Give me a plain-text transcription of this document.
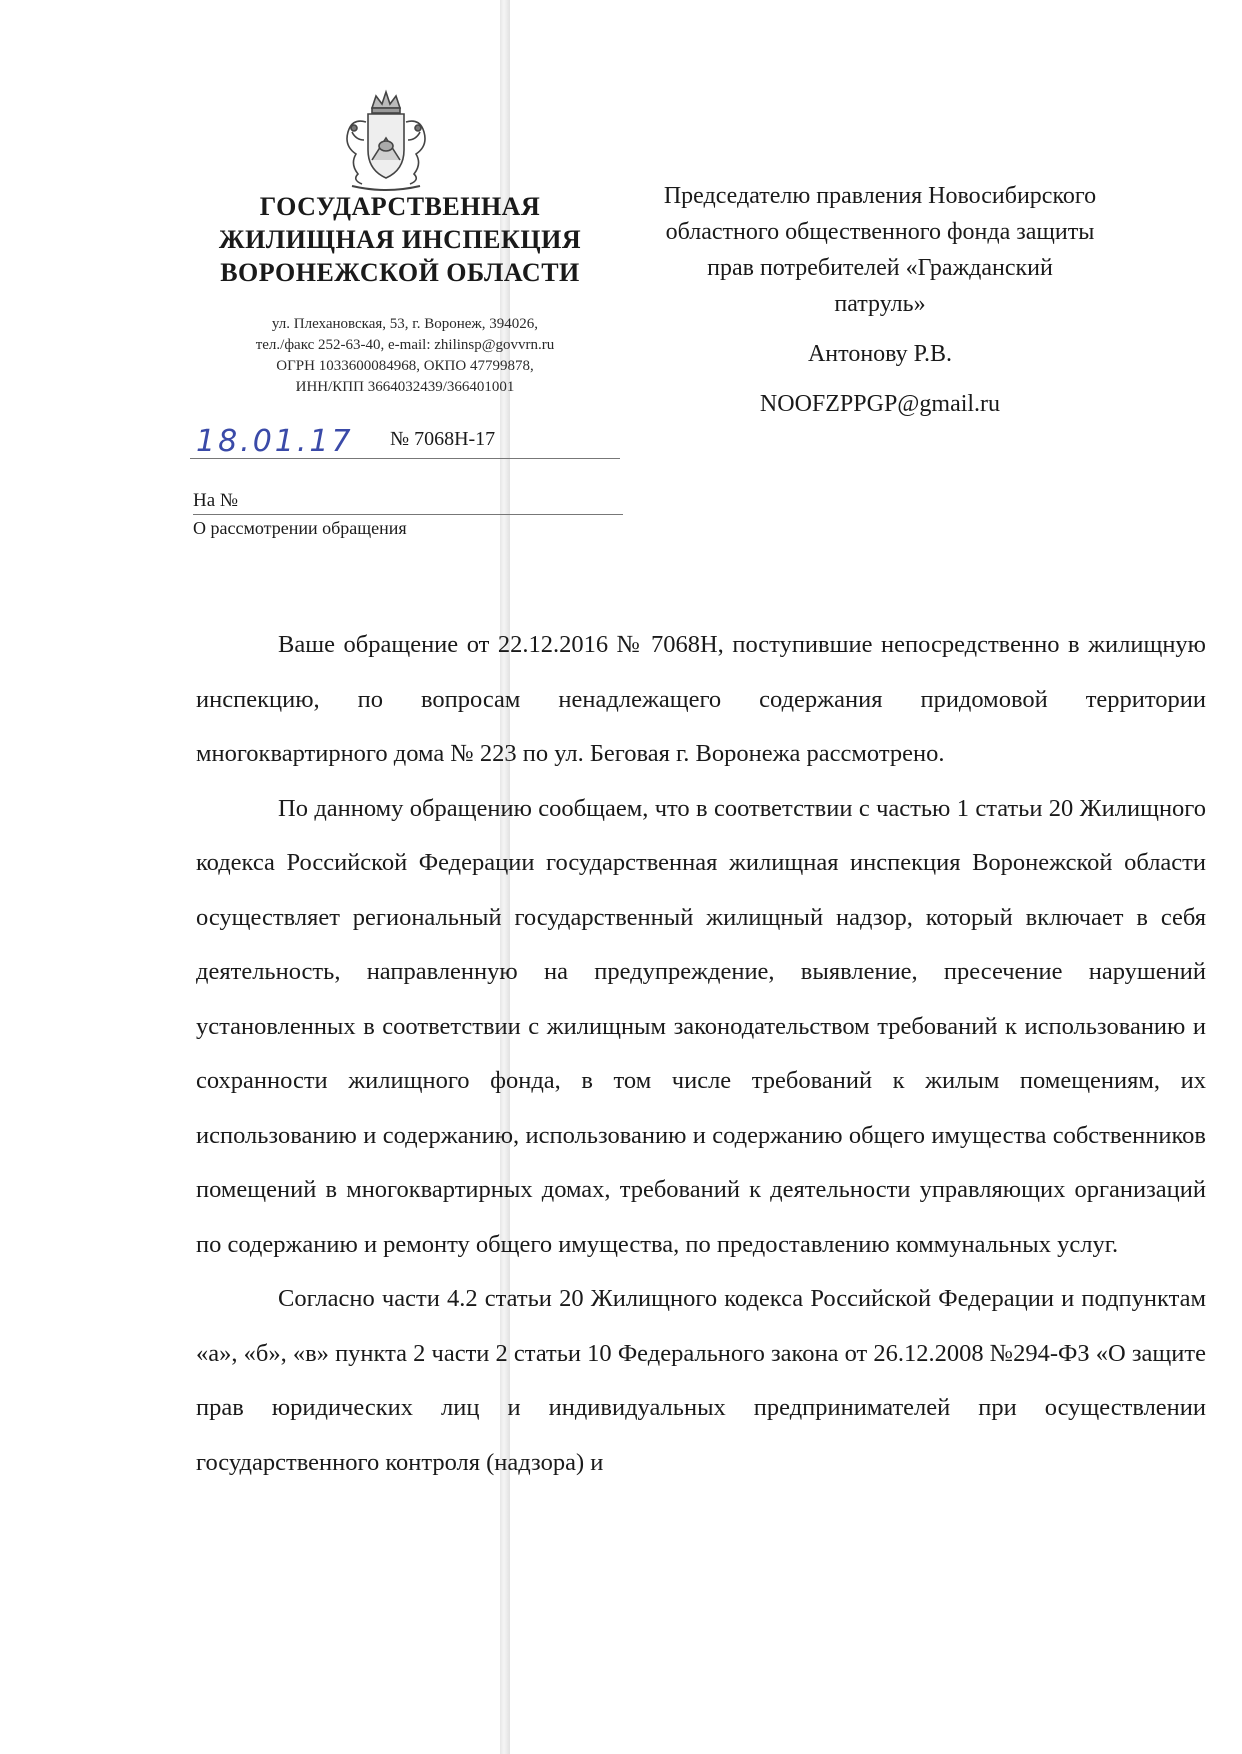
ГОСУДАРСТВЕННАЯ
ЖИЛИЩНАЯ ИНСПЕКЦИЯ
ВОРОНЕЖСКОЙ ОБЛАСТИ
ул. Плехановская, 53, г. Воронеж, 394026,
тел./факс 252-63-40, e-mail: zhilinsp@govvrn.ru
ОГРН 1033600084968, ОКПО 47799878,
ИНН/КПП 3664032439/366401001
18.01.17 № 7068Н-17
На №
О рассмотрении обращения
Председателю правления Новосибирского
областного общественного фонда защиты
прав потребителей «Гражданский
патруль»
Антонову Р.В.
NOOFZPPGP@gmail.ru

Ваше обращение от 22.12.2016 № 7068Н, поступившие непосредственно в жилищную инспекцию, по вопросам ненадлежащего содержания придомовой территории многоквартирного дома № 223 по ул. Беговая г. Воронежа рассмотрено.

По данному обращению сообщаем, что в соответствии с частью 1 статьи 20 Жилищного кодекса Российской Федерации государственная жилищная инспекция Воронежской области осуществляет региональный государственный жилищный надзор, который включает в себя деятельность, направленную на предупреждение, выявление, пресечение нарушений установленных в соответствии с жилищным законодательством требований к использованию и сохранности жилищного фонда, в том числе требований к жилым помещениям, их использованию и содержанию, использованию и содержанию общего имущества собственников помещений в многоквартирных домах, требований к деятельности управляющих организаций по содержанию и ремонту общего имущества, по предоставлению коммунальных услуг.

Согласно части 4.2 статьи 20 Жилищного кодекса Российской Федерации и подпунктам «а», «б», «в» пункта 2 части 2 статьи 10 Федерального закона от 26.12.2008 №294-ФЗ «О защите прав юридических лиц и индивидуальных предпринимателей при осуществлении государственного контроля (надзора) и
